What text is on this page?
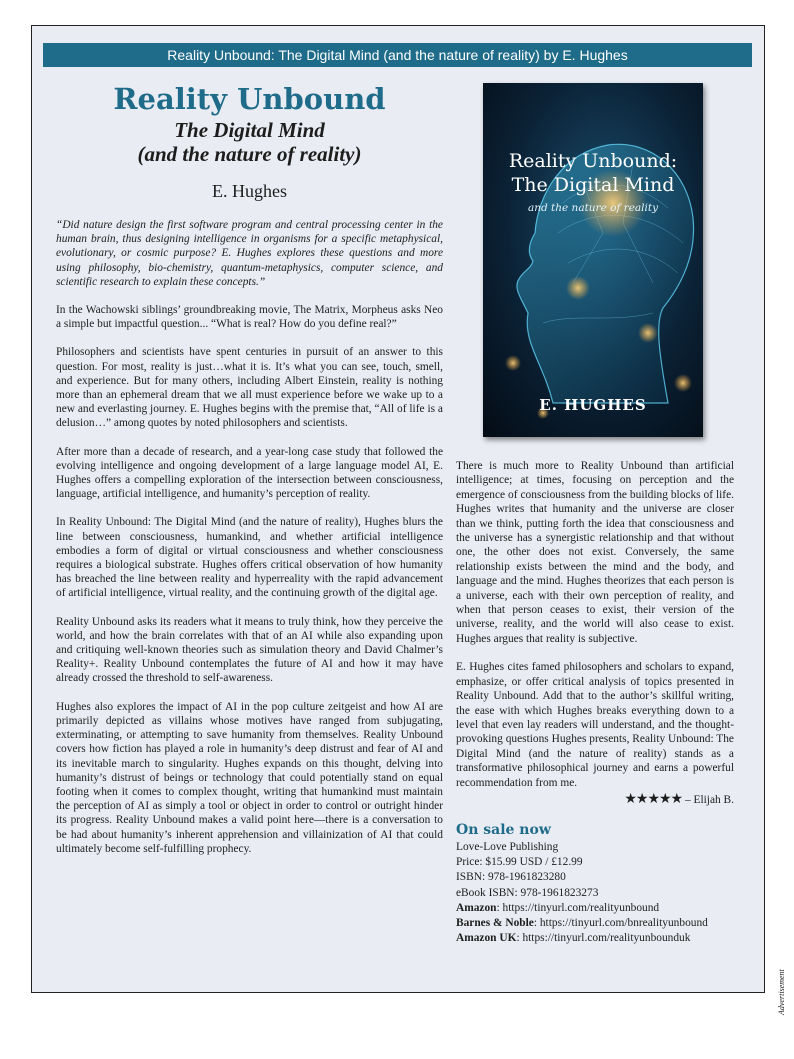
Reality Unbound: The Digital Mind (and the nature of reality) by E. Hughes
Reality Unbound
The Digital Mind
(and the nature of reality)
E. Hughes

“Did nature design the first software program and central processing center in the human brain, thus designing intelligence in organisms for a specific metaphysical, evolutionary, or cosmic purpose? E. Hughes explores these questions and more using philosophy, bio-chemistry, quantum-metaphysics, computer science, and scientific research to explain these concepts.”

In the Wachowski siblings’ groundbreaking movie, The Matrix, Morpheus asks Neo a simple but impactful question... “What is real? How do you define real?”

Philosophers and scientists have spent centuries in pursuit of an answer to this question. For most, reality is just…what it is. It’s what you can see, touch, smell, and experience. But for many others, including Albert Einstein, reality is nothing more than an ephemeral dream that we all must experience before we wake up to a new and everlasting journey. E. Hughes begins with the premise that, “All of life is a delusion…” among quotes by noted philosophers and scientists.

After more than a decade of research, and a year-long case study that followed the evolving intelligence and ongoing development of a large language model AI, E. Hughes offers a compelling exploration of the intersection between consciousness, language, artificial intelligence, and humanity’s perception of reality.

In Reality Unbound: The Digital Mind (and the nature of reality), Hughes blurs the line between consciousness, humankind, and whether artificial intelligence embodies a form of digital or virtual consciousness and whether consciousness requires a biological substrate. Hughes offers critical observation of how humanity has breached the line between reality and hyperreality with the rapid advancement of artificial intelligence, virtual reality, and the continuing growth of the digital age.

Reality Unbound asks its readers what it means to truly think, how they perceive the world, and how the brain correlates with that of an AI while also expanding upon and critiquing well-known theories such as simulation theory and David Chalmer’s Reality+. Reality Unbound contemplates the future of AI and how it may have already crossed the threshold to self-awareness.

Hughes also explores the impact of AI in the pop culture zeitgeist and how AI are primarily depicted as villains whose motives have ranged from subjugating, exterminating, or attempting to save humanity from themselves. Reality Unbound covers how fiction has played a role in humanity’s deep distrust and fear of AI and its inevitable march to singularity. Hughes expands on this thought, delving into humanity’s distrust of beings or technology that could potentially stand on equal footing when it comes to complex thought, writing that humankind must maintain the perception of AI as simply a tool or object in order to control or outright hinder its progress. Reality Unbound makes a valid point here—there is a conversation to be had about humanity’s inherent apprehension and villainization of AI that could ultimately become self-fulfilling prophecy.

Reality Unbound:
The Digital Mind
and the nature of reality
E. HUGHES

There is much more to Reality Unbound than artificial intelligence; at times, focusing on perception and the emergence of consciousness from the building blocks of life. Hughes writes that humanity and the universe are closer than we think, putting forth the idea that consciousness and the universe has a synergistic relationship and that without one, the other does not exist. Conversely, the same relationship exists between the mind and the body, and language and the mind. Hughes theorizes that each person is a universe, each with their own perception of reality, and when that person ceases to exist, their version of the universe, reality, and the world will also cease to exist. Hughes argues that reality is subjective.

E. Hughes cites famed philosophers and scholars to expand, emphasize, or offer critical analysis of topics presented in Reality Unbound. Add that to the author’s skillful writing, the ease with which Hughes breaks everything down to a level that even lay readers will understand, and the thought-provoking questions Hughes presents, Reality Unbound: The Digital Mind (and the nature of reality) stands as a transformative philosophical journey and earns a powerful recommendation from me.

★★★★★ – Elijah B.
On sale now
Love-Love Publishing
Price: $15.99 USD / £12.99
ISBN: 978-1961823280
eBook ISBN: 978-1961823273
Amazon: https://tinyurl.com/realityunbound
Barnes & Noble: https://tinyurl.com/bnrealityunbound
Amazon UK: https://tinyurl.com/realityunbounduk
Advertisement
